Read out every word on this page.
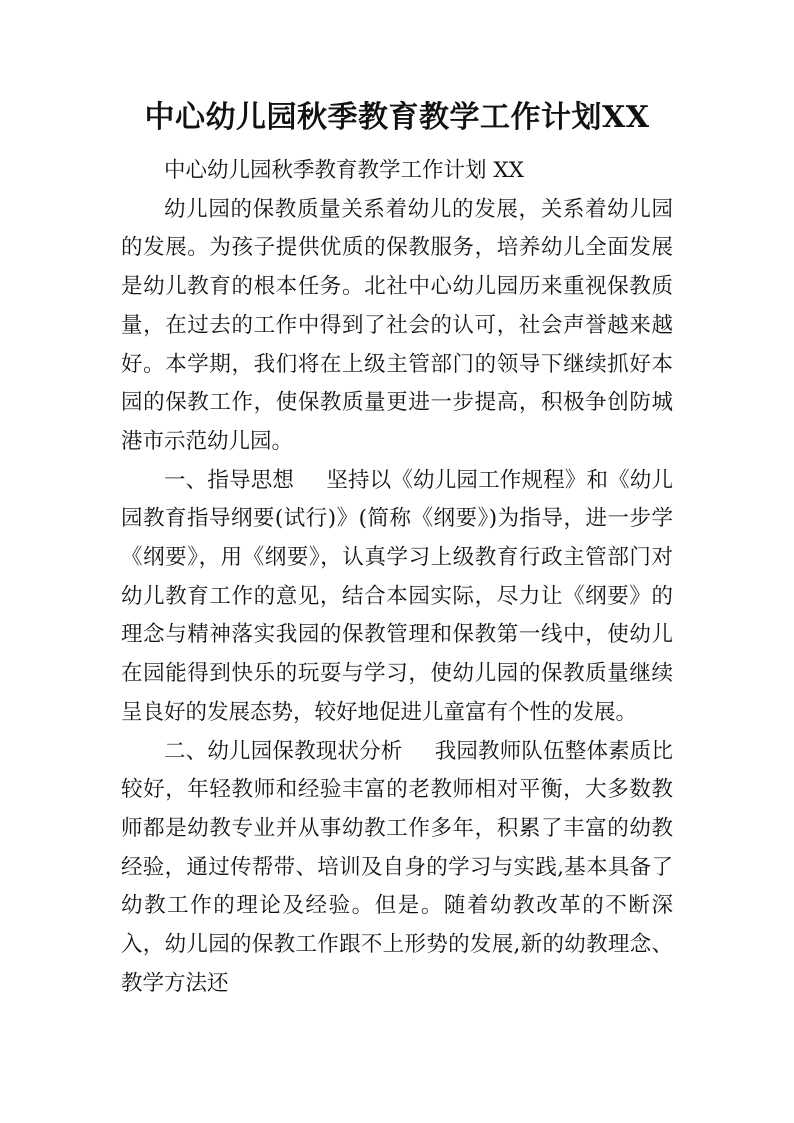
中心幼儿园秋季教育教学工作计划XX

中心幼儿园秋季教育教学工作计划 XX

幼儿园的保教质量关系着幼儿的发展，关系着幼儿园的发展。为孩子提供优质的保教服务，培养幼儿全面发展是幼儿教育的根本任务。北社中心幼儿园历来重视保教质量，在过去的工作中得到了社会的认可，社会声誉越来越好。本学期，我们将在上级主管部门的领导下继续抓好本园的保教工作，使保教质量更进一步提高，积极争创防城港市示范幼儿园。

一、指导思想 坚持以《幼儿园工作规程》和《幼儿园教育指导纲要(试行)》(简称《纲要》)为指导，进一步学《纲要》，用《纲要》，认真学习上级教育行政主管部门对幼儿教育工作的意见，结合本园实际，尽力让《纲要》的理念与精神落实我园的保教管理和保教第一线中，使幼儿在园能得到快乐的玩耍与学习，使幼儿园的保教质量继续呈良好的发展态势，较好地促进儿童富有个性的发展。

二、幼儿园保教现状分析 我园教师队伍整体素质比较好，年轻教师和经验丰富的老教师相对平衡，大多数教师都是幼教专业并从事幼教工作多年，积累了丰富的幼教经验，通过传帮带、培训及自身的学习与实践,基本具备了幼教工作的理论及经验。但是。随着幼教改革的不断深入，幼儿园的保教工作跟不上形势的发展,新的幼教理念、教学方法还
